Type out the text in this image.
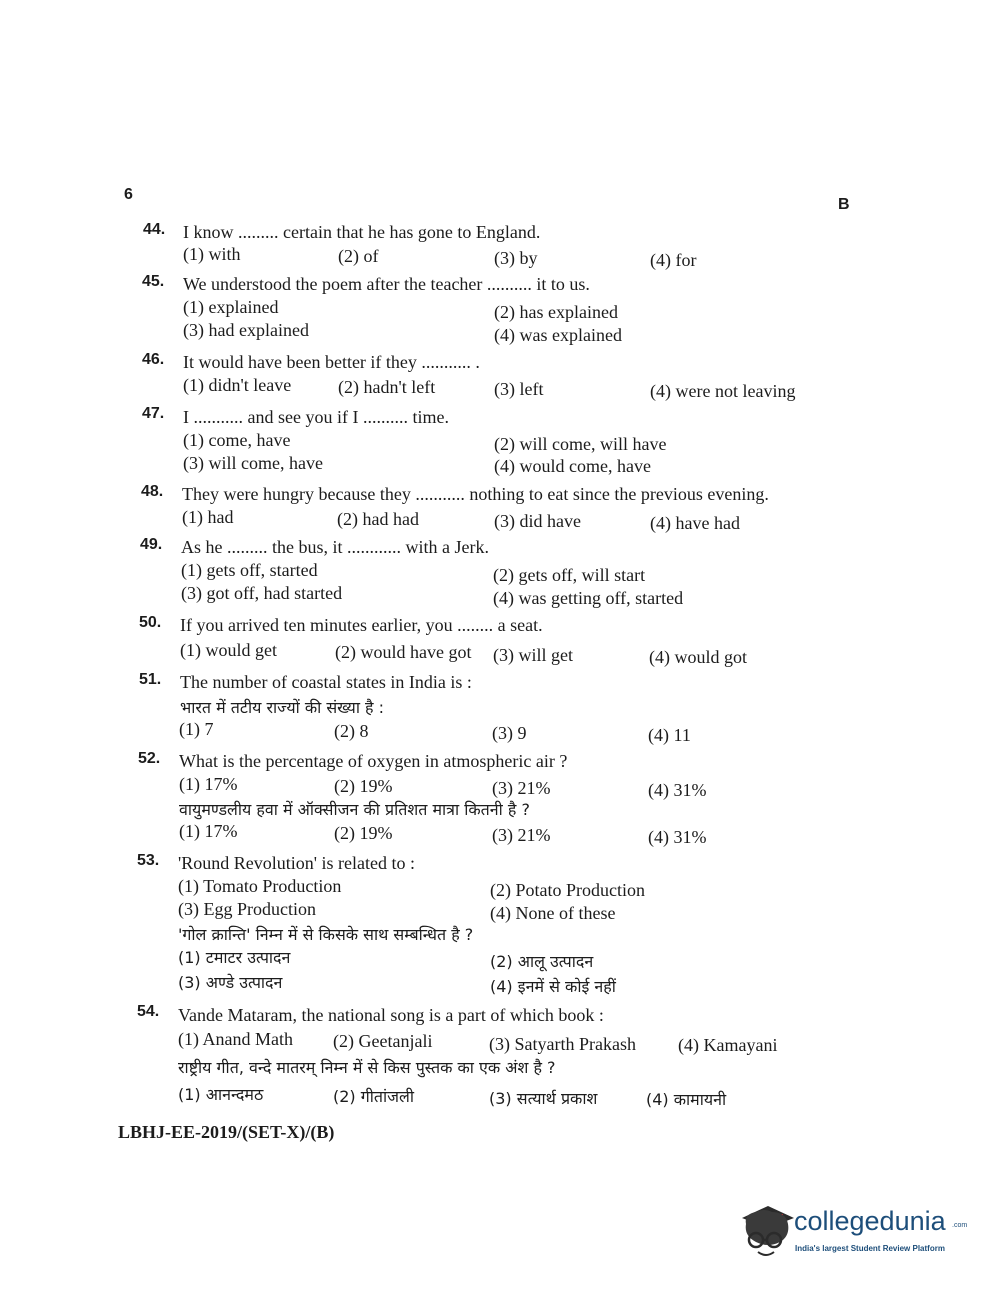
6
B
44. I know ......... certain that he has gone to England.
(1) with	(2) of	(3) by	(4) for
45. We understood the poem after the teacher .......... it to us.
(1) explained	(2) has explained
(3) had explained	(4) was explained
46. It would have been better if they ........... .
(1) didn't leave	(2) hadn't left	(3) left	(4) were not leaving
47. I ........... and see you if I .......... time.
(1) come, have	(2) will come, will have
(3) will come, have	(4) would come, have
48. They were hungry because they ........... nothing to eat since the previous evening.
(1) had	(2) had had	(3) did have	(4) have had
49. As he ......... the bus, it ............ with a Jerk.
(1) gets off, started	(2) gets off, will start
(3) got off, had started	(4) was getting off, started
50. If you arrived ten minutes earlier, you ........ a seat.
(1) would get	(2) would have got (3) will get	(4) would got
51. The number of coastal states in India is :
भारत में तटीय राज्यों की संख्या है :
(1) 7	(2) 8	(3) 9	(4) 11
52. What is the percentage of oxygen in atmospheric air ?
(1) 17%	(2) 19%	(3) 21%	(4) 31%
वायुमण्डलीय हवा में ऑक्सीजन की प्रतिशत मात्रा कितनी है ?
(1) 17%	(2) 19%	(3) 21%	(4) 31%
53. 'Round Revolution' is related to :
(1) Tomato Production	(2) Potato Production
(3) Egg Production	(4) None of these
'गोल क्रान्ति' निम्न में से किसके साथ सम्बन्धित है ?
(1) टमाटर उत्पादन	(2) आलू उत्पादन
(3) अण्डे उत्पादन	(4) इनमें से कोई नहीं
54. Vande Mataram, the national song is a part of which book :
(1) Anand Math (2) Geetanjali	(3) Satyarth Prakash (4) Kamayani
राष्ट्रीय गीत, वन्दे मातरम् निम्न में से किस पुस्तक का एक अंश है ?
(1) आनन्दमठ	(2) गीतांजली	(3) सत्यार्थ प्रकाश	(4) कामायनी
LBHJ-EE-2019/(SET-X)/(B)
collegedunia .com
India's largest Student Review Platform
